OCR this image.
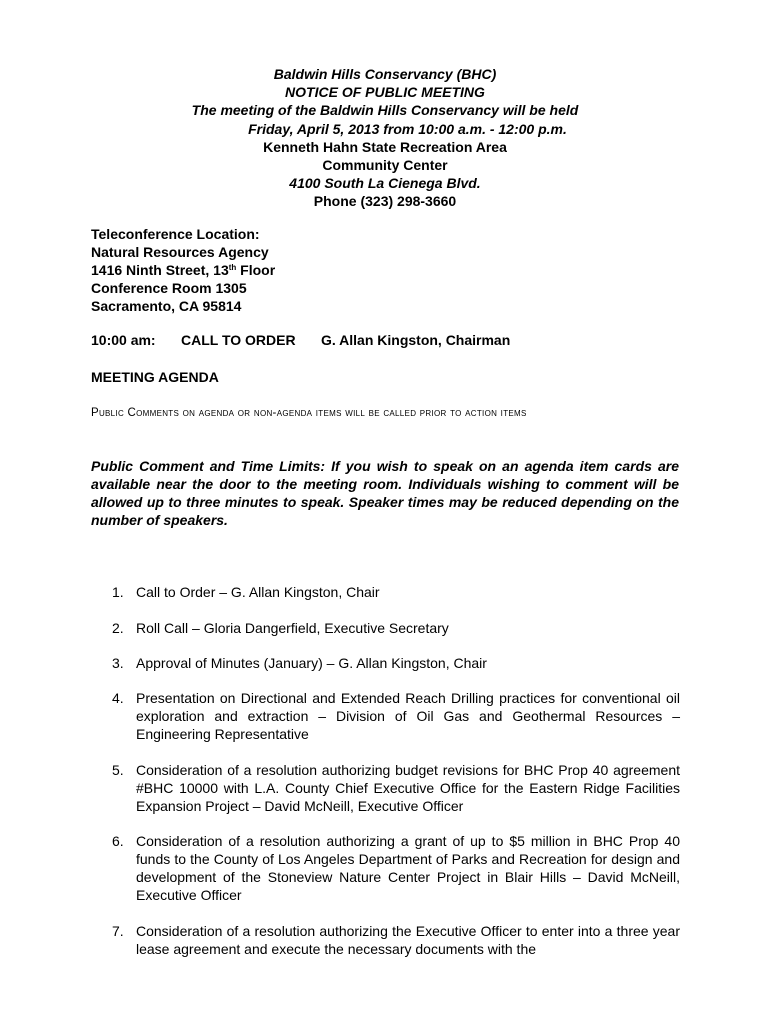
Baldwin Hills Conservancy (BHC)
NOTICE OF PUBLIC MEETING
The meeting of the Baldwin Hills Conservancy will be held
Friday, April 5, 2013 from 10:00 a.m. - 12:00 p.m.
Kenneth Hahn State Recreation Area
Community Center
4100 South La Cienega Blvd.
Phone (323) 298-3660
Teleconference Location:
Natural Resources Agency
1416 Ninth Street, 13th Floor
Conference Room 1305
Sacramento, CA 95814
10:00 am: CALL TO ORDER G. Allan Kingston, Chairman
MEETING AGENDA
Public Comments on agenda or non-agenda items will be called prior to action items
Public Comment and Time Limits: If you wish to speak on an agenda item cards are available near the door to the meeting room. Individuals wishing to comment will be allowed up to three minutes to speak. Speaker times may be reduced depending on the number of speakers.
1. Call to Order – G. Allan Kingston, Chair
2. Roll Call – Gloria Dangerfield, Executive Secretary
3. Approval of Minutes (January) – G. Allan Kingston, Chair
4. Presentation on Directional and Extended Reach Drilling practices for conventional oil exploration and extraction – Division of Oil Gas and Geothermal Resources – Engineering Representative
5. Consideration of a resolution authorizing budget revisions for BHC Prop 40 agreement #BHC 10000 with L.A. County Chief Executive Office for the Eastern Ridge Facilities Expansion Project – David McNeill, Executive Officer
6. Consideration of a resolution authorizing a grant of up to $5 million in BHC Prop 40 funds to the County of Los Angeles Department of Parks and Recreation for design and development of the Stoneview Nature Center Project in Blair Hills – David McNeill, Executive Officer
7. Consideration of a resolution authorizing the Executive Officer to enter into a three year lease agreement and execute the necessary documents with the
